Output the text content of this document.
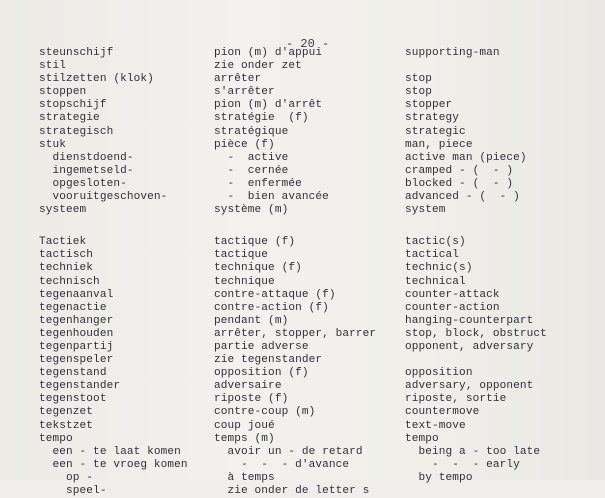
- 20 -
steunschijf
stil
stilzetten (klok)
stoppen
stopschijf
strategie
strategisch
stuk
dienstdoend-
ingemetseld-
opgesloten-
vooruitgeschoven-
systeem
Tactiek
tactisch
techniek
technisch
tegenaanval
tegenactie
tegenhanger
tegenhouden
tegenpartij
tegenspeler
tegenstand
tegenstander
tegenstoot
tegenzet
tekstzet
tempo
een - te laat komen
een - te vroeg komen
op -
speel-
pion (m) d'appui
zie onder zet
arrêter
s'arrêter
pion (m) d'arrêt
stratégie  (f)
stratégique
pièce (f)
-  active
-  cernée
-  enfermée
-  bien avancée
système (m)
tactique (f)
tactique
technique (f)
technique
contre-attaque (f)
contre-action (f)
pendant (m)
arrêter, stopper, barrer
partie adverse
zie tegenstander
opposition (f)
adversaire
riposte (f)
contre-coup (m)
coup joué
temps (m)
avoir un - de retard
-  -  - d'avance
à temps
zie onder de letter s
supporting-man
stop
stop
stopper
strategy
strategic
man, piece
active man (piece)
cramped - (  - )
blocked - (  - )
advanced - (  - )
system
tactic(s)
tactical
technic(s)
technical
counter-attack
counter-action
hanging-counterpart
stop, block, obstruct
opponent, adversary
opposition
adversary, opponent
riposte, sortie
countermove
text-move
tempo
being a - too late
-  -  - early
by tempo
